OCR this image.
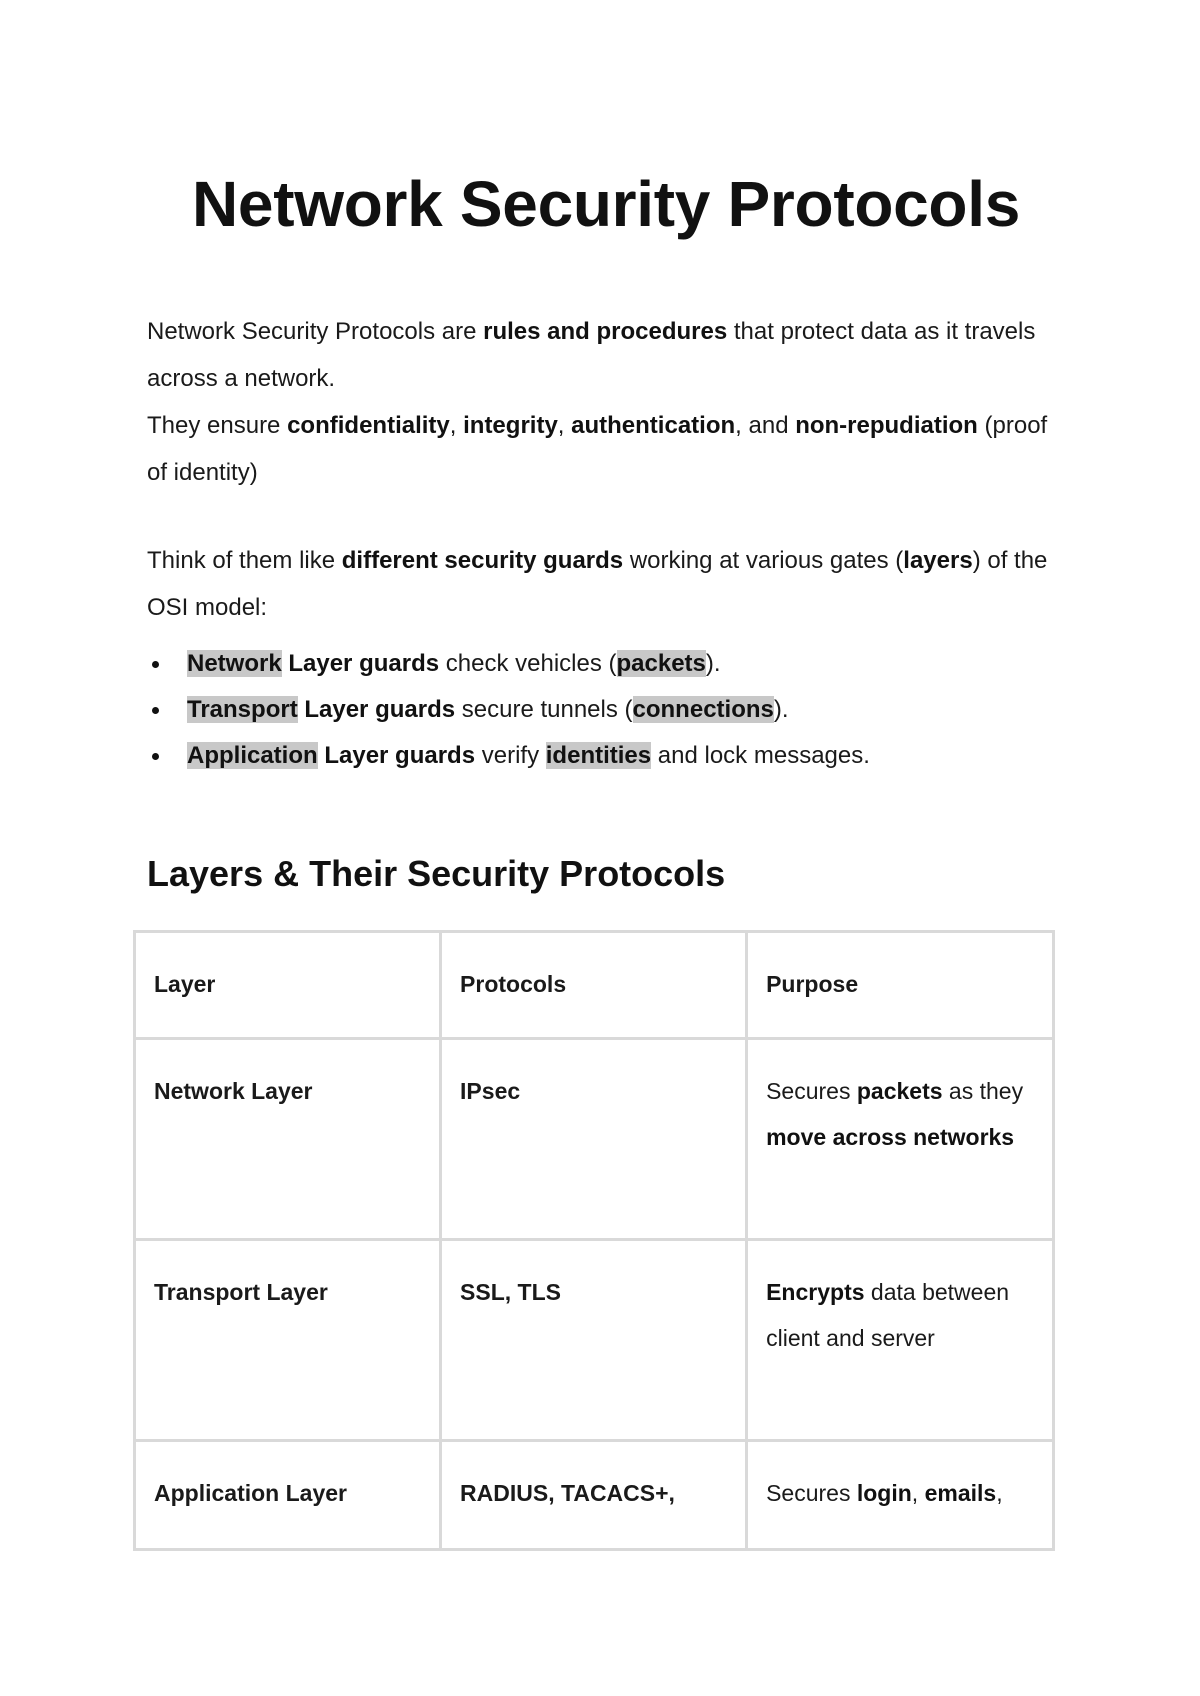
Network Security Protocols

Network Security Protocols are rules and procedures that protect data as it travels across a network.

They ensure confidentiality, integrity, authentication, and non-repudiation (proof of identity)

Think of them like different security guards working at various gates (layers) of the OSI model:

Network Layer guards check vehicles (packets).
Transport Layer guards secure tunnels (connections).
Application Layer guards verify identities and lock messages.
Layers & Their Security Protocols
Layer	Protocols	Purpose
Network Layer	IPsec	Secures packets as they move across networks
Transport Layer	SSL, TLS	Encrypts data between client and server
Application Layer	RADIUS, TACACS+,	Secures login, emails,
